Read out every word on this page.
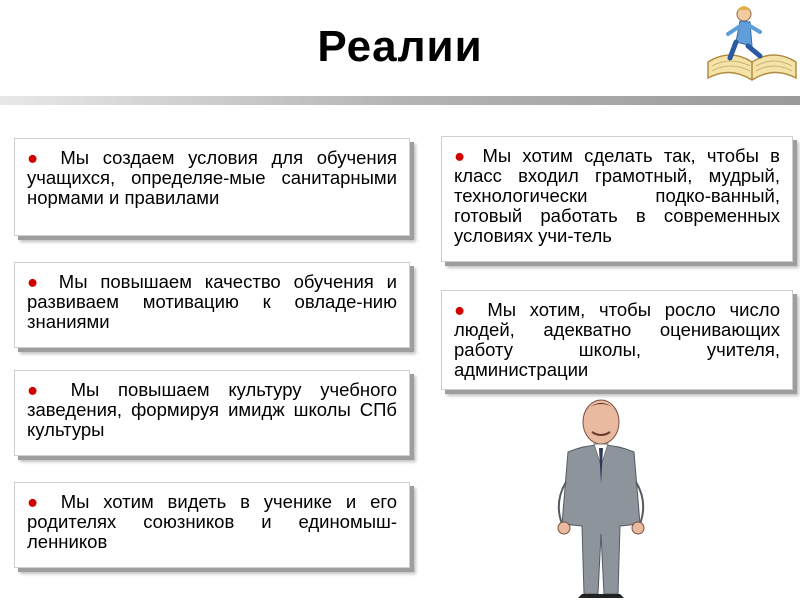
Реалии
● Мы создаем условия для обучения учащихся, определяе-мые санитарными нормами и правилами
● Мы повышаем качество обучения и развиваем мотивацию к овладе-нию знаниями
● Мы повышаем культуру учебного заведения, формируя имидж школы СПб культуры
● Мы хотим видеть в ученике и его родителях союзников и единомыш-ленников
● Мы хотим сделать так, чтобы в класс входил грамотный, мудрый, технологически подко-ванный, готовый работать в современных условиях учи-тель
● Мы хотим, чтобы росло число людей, адекватно оценивающих работу школы, учителя, администрации
